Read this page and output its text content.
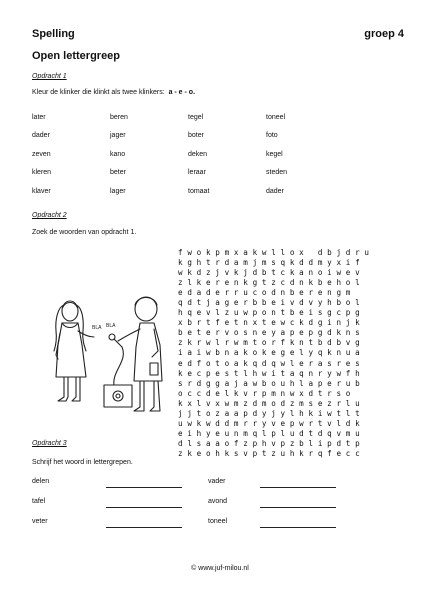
Spelling	groep 4
Open lettergreep
Opdracht 1
Kleur de klinker die klinkt als twee klinkers: a - e - o.
later	beren	tegel	toneel
dader	jager	boter	foto
zeven	kano	deken	kegel
kleren	beter	leraar	steden
klaver	lager	tomaat	dader
Opdracht 2
Zoek de woorden van opdracht 1.
BLA BLA
fwokpmxakwllox dbjdru
kghtrdamjmsqkddmyxif
wkdzjvkjdbtckanoiwev
zlkerenkgtzcdnkbehol
edaderrucodnberengm
qdtjagerbbeivdvyhbol
hqevlzuwpontbeisgcpg
xbrtfetnxtewckdginjk
betervosneyapepgdkns
zkrwlrwmtorfkntbdbvg
iaiwbnakokegelyqknua
edfotoakqdqwlerasres
kecpestlhwitaqnrywfh
srdggajawbouhlaperub
occdelkvrpmnwxdtrso
kxlvxwmzdmodzmsezrlu
jjtozaapdyjylhkiwtlt
uwkwddmrryvepwrtvldk
eihyeunmqlpludtdqvmu
dlsaaofzphvpzblipdtp
zkeohksvptzuhkrqfecc
Opdracht 3
Schrijf het woord in lettergrepen.
delen	vader
tafel	avond
veter	toneel
© www.juf-milou.nl
